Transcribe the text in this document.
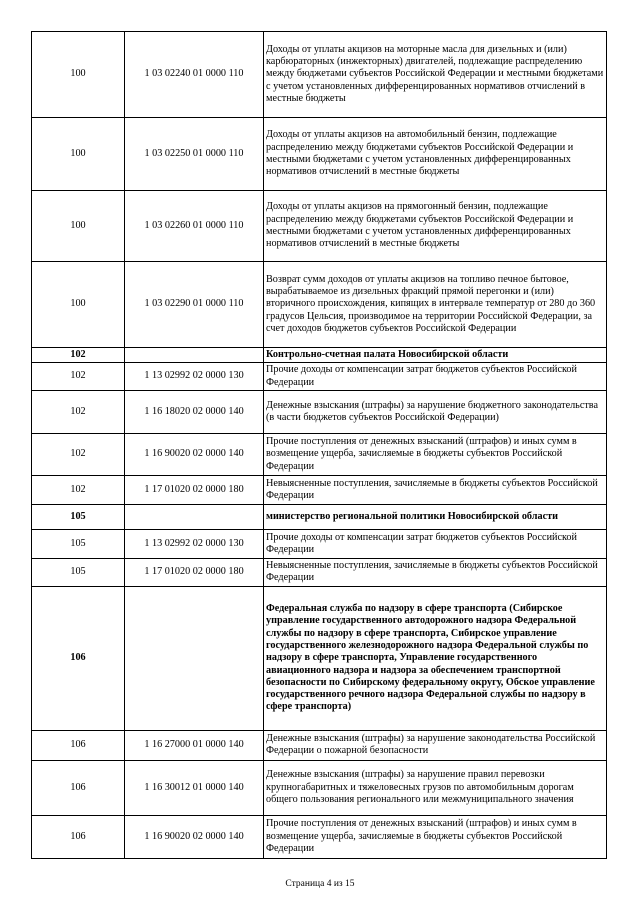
100	1 03 02240 01 0000 110	Доходы от уплаты акцизов на моторные масла для дизельных и (или) карбюраторных (инжекторных) двигателей, подлежащие распределению между бюджетами субъектов Российской Федерации и местными бюджетами с учетом установленных дифференцированных нормативов отчислений в местные бюджеты
100	1 03 02250 01 0000 110	Доходы от уплаты акцизов на автомобильный бензин, подлежащие распределению между бюджетами субъектов Российской Федерации и местными бюджетами с учетом установленных дифференцированных нормативов отчислений в местные бюджеты
100	1 03 02260 01 0000 110	Доходы от уплаты акцизов на прямогонный бензин, подлежащие распределению между бюджетами субъектов Российской Федерации и местными бюджетами с учетом установленных дифференцированных нормативов отчислений в местные бюджеты
100	1 03 02290 01 0000 110	Возврат сумм доходов от уплаты акцизов на топливо печное бытовое, вырабатываемое из дизельных фракций прямой перегонки и (или) вторичного происхождения, кипящих в интервале температур от 280 до 360 градусов Цельсия, производимое на территории Российской Федерации, за счет доходов бюджетов субъектов Российской Федерации
102		Контрольно-счетная палата Новосибирской области
102	1 13 02992 02 0000 130	Прочие доходы от компенсации затрат бюджетов субъектов Российской Федерации
102	1 16 18020 02 0000 140	Денежные взыскания (штрафы) за нарушение бюджетного законодательства (в части бюджетов субъектов Российской Федерации)
102	1 16 90020 02 0000 140	Прочие поступления от денежных взысканий (штрафов) и иных сумм в возмещение ущерба, зачисляемые в бюджеты субъектов Российской Федерации
102	1 17 01020 02 0000 180	Невыясненные поступления, зачисляемые в бюджеты субъектов Российской Федерации
105		министерство региональной политики Новосибирской области
105	1 13 02992 02 0000 130	Прочие доходы от компенсации затрат бюджетов субъектов Российской Федерации
105	1 17 01020 02 0000 180	Невыясненные поступления, зачисляемые в бюджеты субъектов Российской Федерации
106		Федеральная служба по надзору в сфере транспорта (Сибирское управление государственного автодорожного надзора Федеральной службы по надзору в сфере транспорта, Сибирское управление государственного железнодорожного надзора Федеральной службы по надзору в сфере транспорта, Управление государственного авиационного надзора и надзора за обеспечением транспортной безопасности по Сибирскому федеральному округу, Обское управление государственного речного надзора Федеральной службы по надзору в сфере транспорта)
106	1 16 27000 01 0000 140	Денежные взыскания (штрафы) за нарушение законодательства Российской Федерации о пожарной безопасности
106	1 16 30012 01 0000 140	Денежные взыскания (штрафы) за нарушение правил перевозки крупногабаритных и тяжеловесных грузов по автомобильным дорогам общего пользования регионального или межмуниципального значения
106	1 16 90020 02 0000 140	Прочие поступления от денежных взысканий (штрафов) и иных сумм в возмещение ущерба, зачисляемые в бюджеты субъектов Российской Федерации
Страница 4 из 15
